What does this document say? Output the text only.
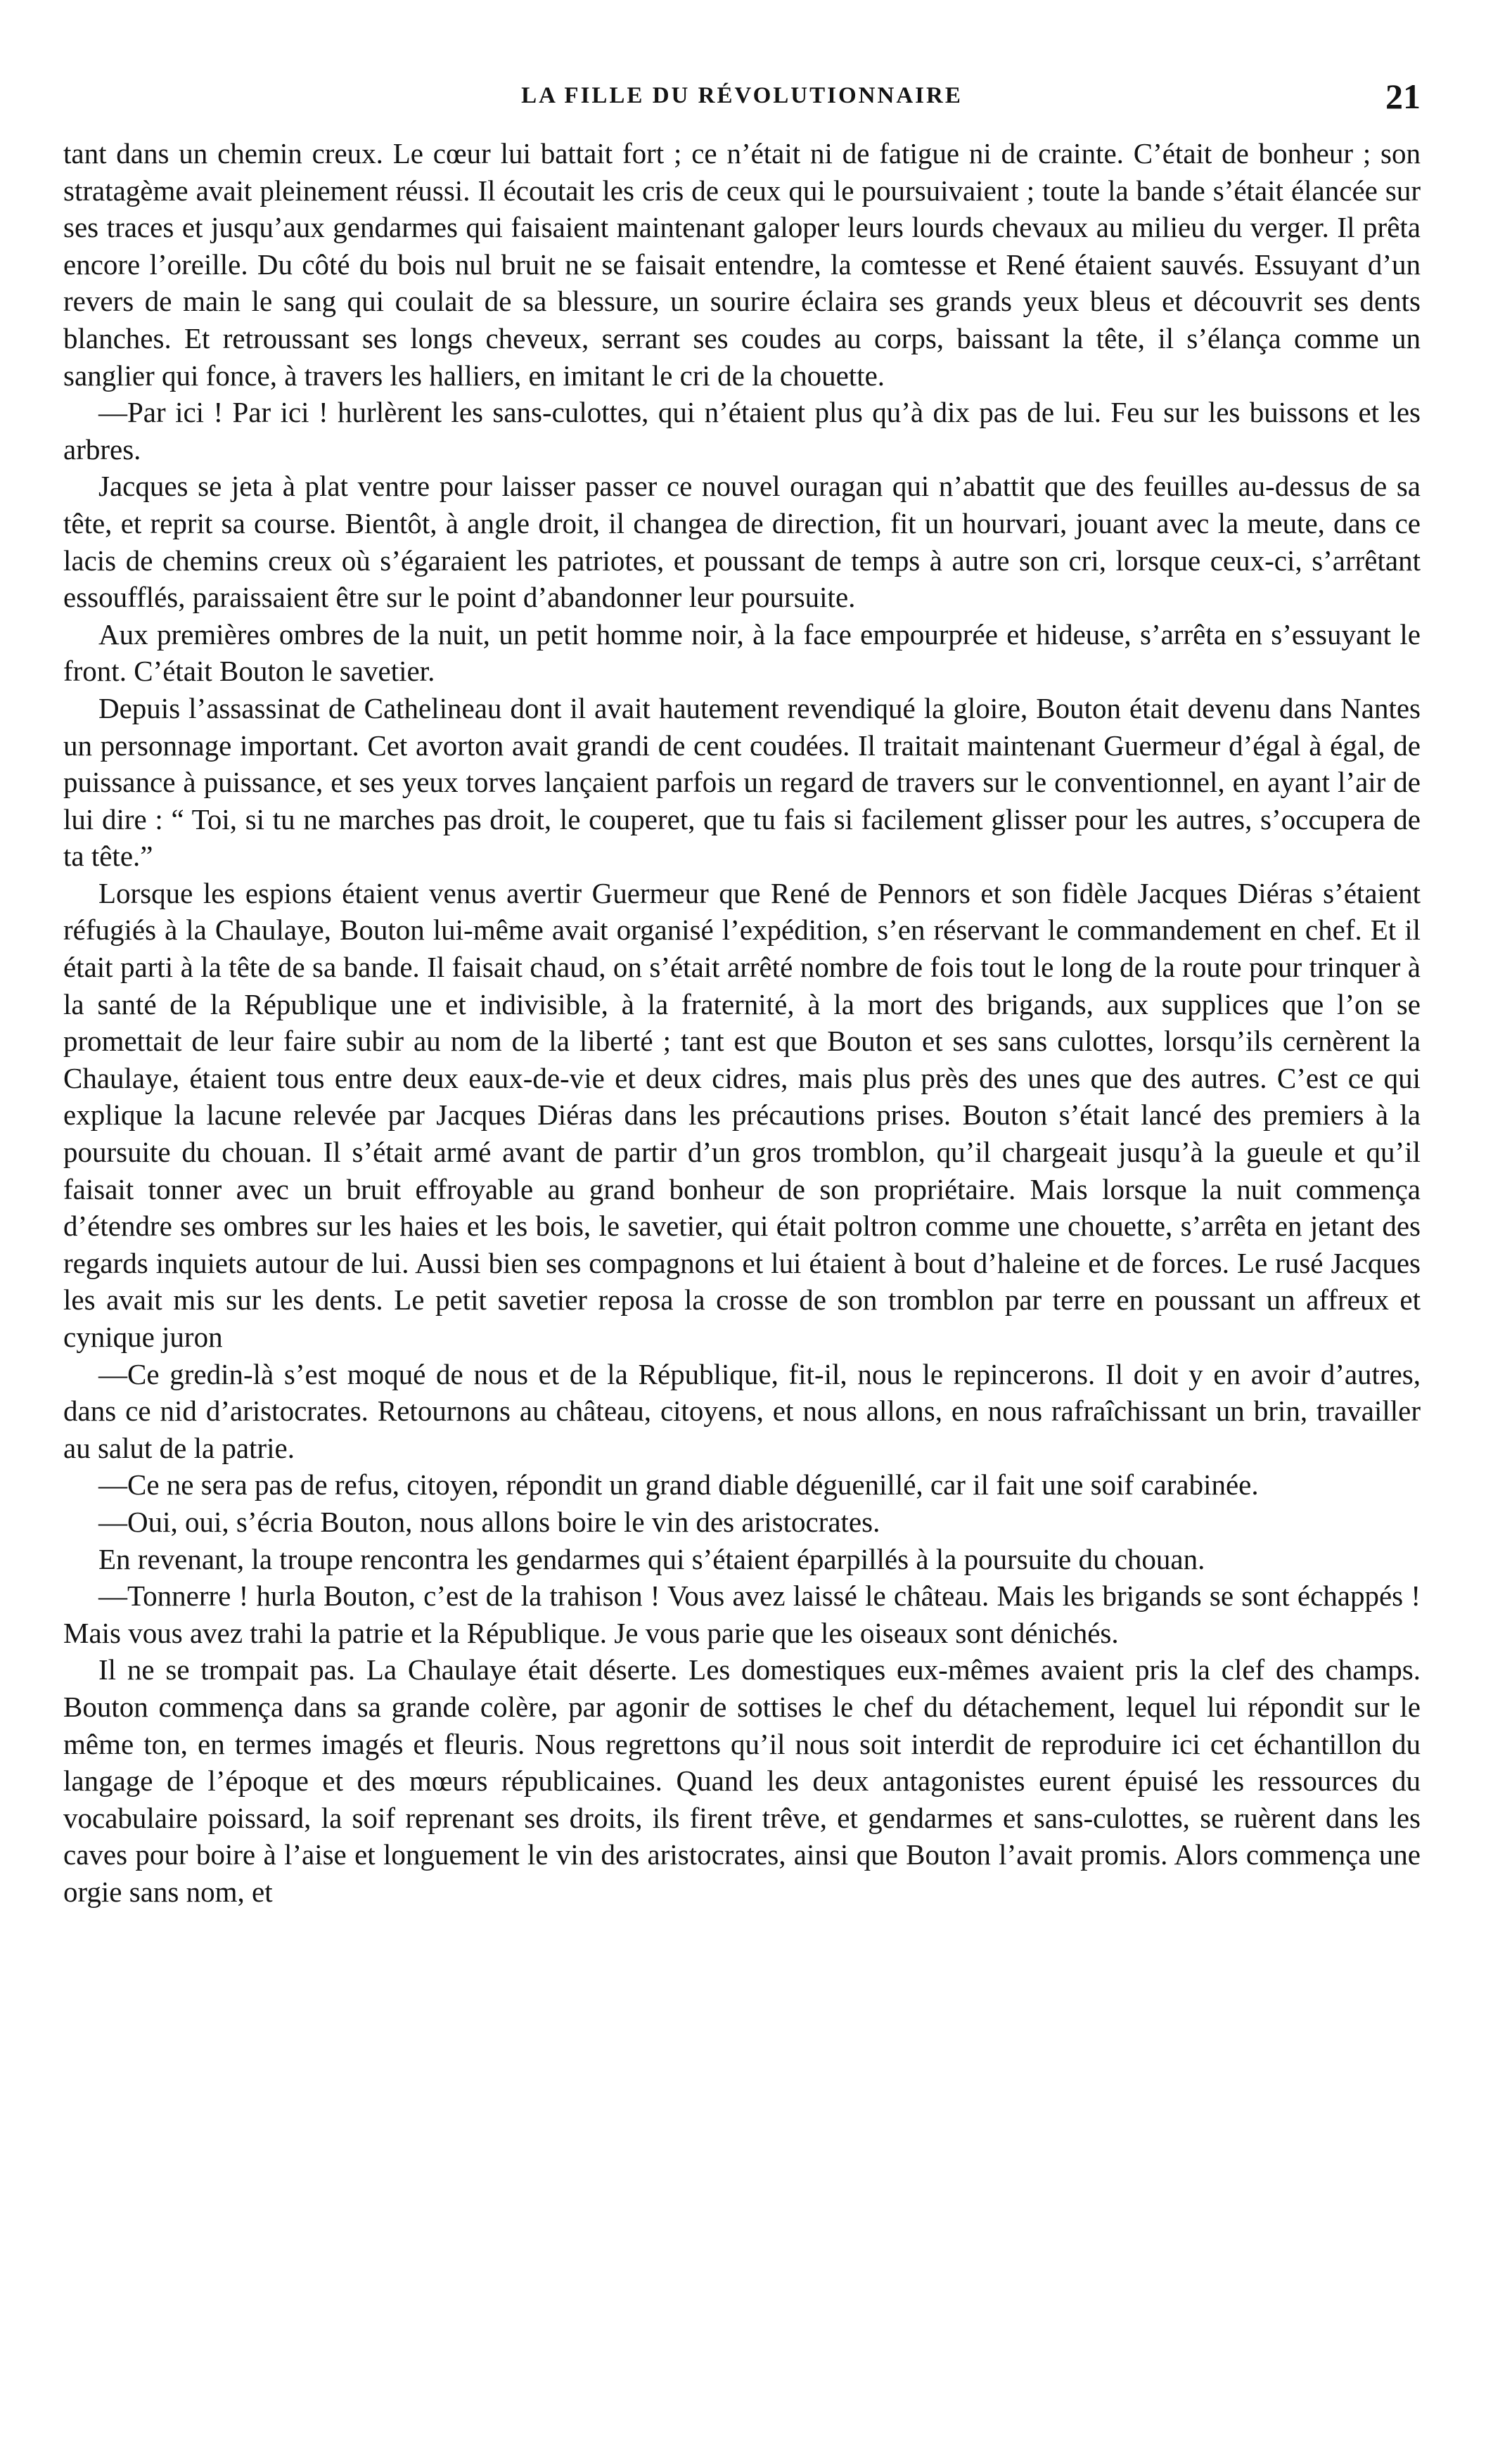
LA FILLE DU RÉVOLUTIONNAIRE	21

tant dans un chemin creux. Le cœur lui battait fort ; ce n’était ni de fatigue ni de crainte. C’était de bonheur ; son stratagème avait pleinement réussi. Il écoutait les cris de ceux qui le poursuivaient ; toute la bande s’était élancée sur ses traces et jusqu’aux gendarmes qui faisaient maintenant galoper leurs lourds chevaux au milieu du verger. Il prêta encore l’oreille. Du côté du bois nul bruit ne se faisait entendre, la comtesse et René étaient sauvés. Essuyant d’un revers de main le sang qui coulait de sa blessure, un sourire éclaira ses grands yeux bleus et découvrit ses dents blanches. Et retroussant ses longs cheveux, serrant ses coudes au corps, baissant la tête, il s’élança comme un sanglier qui fonce, à travers les halliers, en imitant le cri de la chouette.

—Par ici ! Par ici ! hurlèrent les sans-culottes, qui n’étaient plus qu’à dix pas de lui. Feu sur les buissons et les arbres.

Jacques se jeta à plat ventre pour laisser passer ce nouvel ouragan qui n’abattit que des feuilles au-dessus de sa tête, et reprit sa course. Bientôt, à angle droit, il changea de direction, fit un hourvari, jouant avec la meute, dans ce lacis de chemins creux où s’égaraient les patriotes, et poussant de temps à autre son cri, lorsque ceux-ci, s’arrêtant essoufflés, paraissaient être sur le point d’abandonner leur poursuite.

Aux premières ombres de la nuit, un petit homme noir, à la face empourprée et hideuse, s’arrêta en s’essuyant le front. C’était Bouton le savetier.

Depuis l’assassinat de Cathelineau dont il avait hautement revendiqué la gloire, Bouton était devenu dans Nantes un personnage important. Cet avorton avait grandi de cent coudées. Il traitait maintenant Guermeur d’égal à égal, de puissance à puissance, et ses yeux torves lançaient parfois un regard de travers sur le conventionnel, en ayant l’air de lui dire : “ Toi, si tu ne marches pas droit, le couperet, que tu fais si facilement glisser pour les autres, s’occupera de ta tête.”

Lorsque les espions étaient venus avertir Guermeur que René de Pennors et son fidèle Jacques Diéras s’étaient réfugiés à la Chaulaye, Bouton lui-même avait organisé l’expédition, s’en réservant le commandement en chef. Et il était parti à la tête de sa bande. Il faisait chaud, on s’était arrêté nombre de fois tout le long de la route pour trinquer à la santé de la République une et indivisible, à la fraternité, à la mort des brigands, aux supplices que l’on se promettait de leur faire subir au nom de la liberté ; tant est que Bouton et ses sans culottes, lorsqu’ils cernèrent la Chaulaye, étaient tous entre deux eaux-de-vie et deux cidres, mais plus près des unes que des autres. C’est ce qui explique la lacune relevée par Jacques Diéras dans les précautions prises. Bouton s’était lancé des premiers à la poursuite du chouan. Il s’était armé avant de partir d’un gros tromblon, qu’il chargeait jusqu’à la gueule et qu’il faisait tonner avec un bruit effroyable au grand bonheur de son propriétaire. Mais lorsque la nuit commença d’étendre ses ombres sur les haies et les bois, le savetier, qui était poltron comme une chouette, s’arrêta en jetant des regards inquiets autour de lui. Aussi bien ses compagnons et lui étaient à bout d’haleine et de forces. Le rusé Jacques les avait mis sur les dents. Le petit savetier reposa la crosse de son tromblon par terre en poussant un affreux et cynique juron

—Ce gredin-là s’est moqué de nous et de la République, fit-il, nous le repincerons. Il doit y en avoir d’autres, dans ce nid d’aristocrates. Retournons au château, citoyens, et nous allons, en nous rafraîchissant un brin, travailler au salut de la patrie.

—Ce ne sera pas de refus, citoyen, répondit un grand diable déguenillé, car il fait une soif carabinée.

—Oui, oui, s’écria Bouton, nous allons boire le vin des aristocrates.

En revenant, la troupe rencontra les gendarmes qui s’étaient éparpillés à la poursuite du chouan.

—Tonnerre ! hurla Bouton, c’est de la trahison ! Vous avez laissé le château. Mais les brigands se sont échappés ! Mais vous avez trahi la patrie et la République. Je vous parie que les oiseaux sont dénichés.

Il ne se trompait pas. La Chaulaye était déserte. Les domestiques eux-mêmes avaient pris la clef des champs. Bouton commença dans sa grande colère, par agonir de sottises le chef du détachement, lequel lui répondit sur le même ton, en termes imagés et fleuris. Nous regrettons qu’il nous soit interdit de reproduire ici cet échantillon du langage de l’époque et des mœurs républicaines. Quand les deux antagonistes eurent épuisé les ressources du vocabulaire poissard, la soif reprenant ses droits, ils firent trêve, et gendarmes et sans-culottes, se ruèrent dans les caves pour boire à l’aise et longuement le vin des aristocrates, ainsi que Bouton l’avait promis. Alors commença une orgie sans nom, et
